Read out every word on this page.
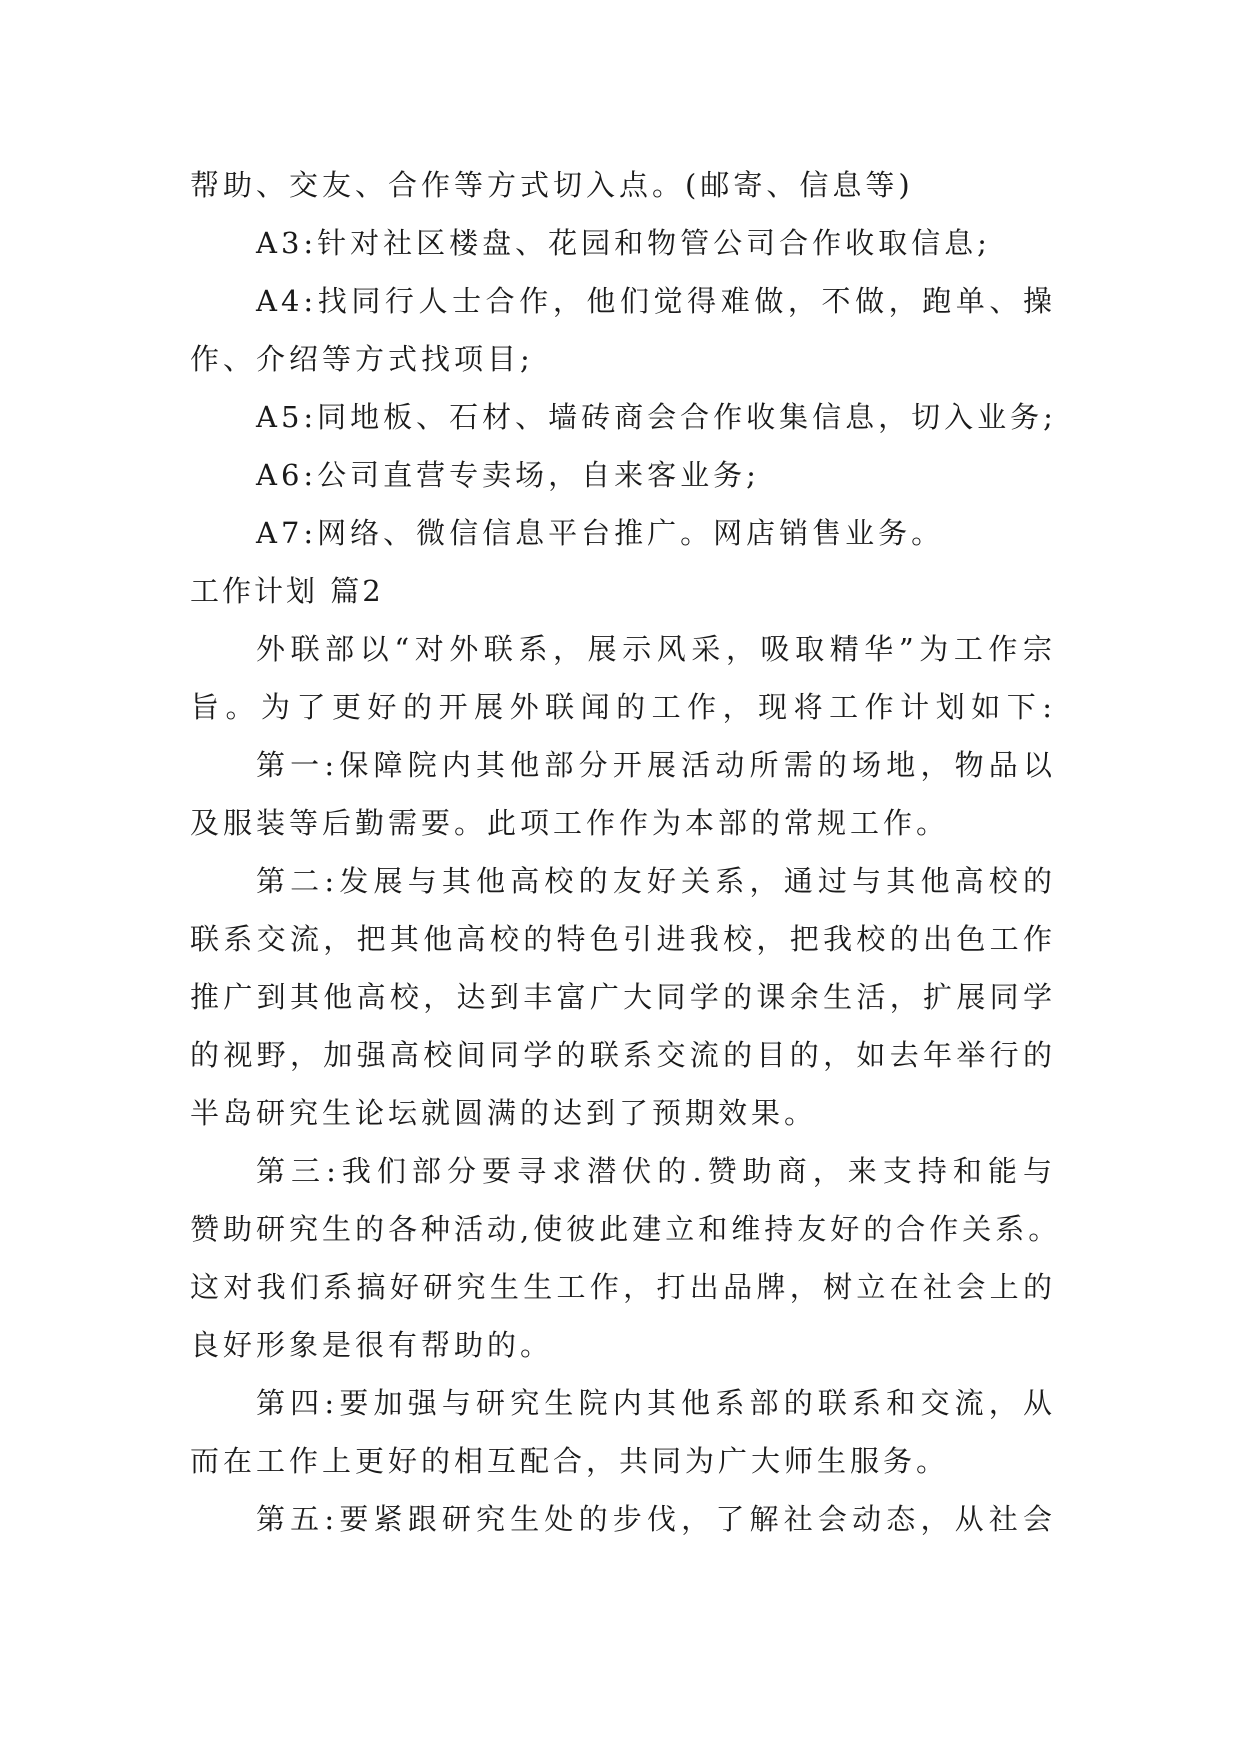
帮助、交友、合作等方式切入点。(邮寄、信息等)
A3:针对社区楼盘、花园和物管公司合作收取信息;
A4:找同行人士合作，他们觉得难做，不做，跑单、操
作、介绍等方式找项目;
A5:同地板、石材、墙砖商会合作收集信息，切入业务;
A6:公司直营专卖场，自来客业务;
A7:网络、微信信息平台推广。网店销售业务。
工作计划 篇2
外联部以“对外联系，展示风采，吸取精华”为工作宗
旨。为了更好的开展外联闻的工作，现将工作计划如下:
第一:保障院内其他部分开展活动所需的场地，物品以
及服装等后勤需要。此项工作作为本部的常规工作。
第二:发展与其他高校的友好关系，通过与其他高校的
联系交流，把其他高校的特色引进我校，把我校的出色工作
推广到其他高校，达到丰富广大同学的课余生活，扩展同学
的视野，加强高校间同学的联系交流的目的，如去年举行的
半岛研究生论坛就圆满的达到了预期效果。
第三:我们部分要寻求潜伏的.赞助商，来支持和能与
赞助研究生的各种活动,使彼此建立和维持友好的合作关系。
这对我们系搞好研究生生工作，打出品牌，树立在社会上的
良好形象是很有帮助的。
第四:要加强与研究生院内其他系部的联系和交流，从
而在工作上更好的相互配合，共同为广大师生服务。
第五:要紧跟研究生处的步伐，了解社会动态，从社会
